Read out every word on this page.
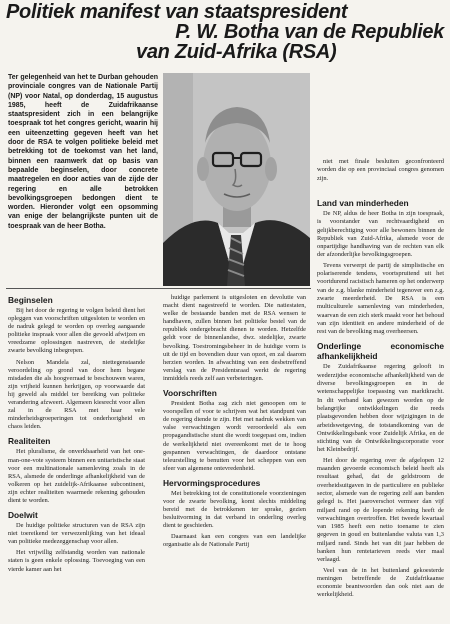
Politiek manifest van staatspresident
P. W. Botha van de Republiek
van Zuid-Afrika (RSA)
Ter gelegenheid van het te Durban gehouden provinciale congres van de Nationale Partij (NP) voor Natal, op donderdag, 15 augustus 1985, heeft de Zuidafrikaanse staatspresident zich in een belangrijke toespraak tot het congres gericht, waarin hij een uiteenzetting gegeven heeft van het door de RSA te volgen politieke beleid met betrekking tot de toekomst van het land, binnen een raamwerk dat op basis van bepaalde beginselen, door concrete maatregelen en door acties van de zijde der regering en alle betrokken bevolkingsgroepen bedongen dient te worden. Hieronder volgt een opsomming van enige der belangrijkste punten uit de toespraak van de heer Botha.

niet met finale besluiten geconfronteerd worden die op een provinciaal congres genomen zijn.

Land van minderheden

De NP, aldus de heer Botha in zijn toespraak, is voorstander van rechtvaardigheid en gelijkberechtiging voor alle bewoners binnen de Republiek van Zuid-Afrika, alsmede voor de onpartijdige handhaving van de rechten van elk der afzonderlijke bevolkingsgroepen.

Tevens verwerpt de partij de simplistische en polariserende tendens, voortspruitend uit het voortdurend racistisch hameren op het onderwerp van de z.g. blanke minderheid tegenover een z.g. zwarte meerderheid. De RSA is een multiculturele samenleving van minderheden, waarvan de een zich sterk maakt voor het behoud van zijn identiteit en andere minderheid of de rest van de bevolking mag overheersen.

Onderlinge economische afhankelijkheid

De Zuidafrikaanse regering gelooft in wederzijdse economische afhankelijkheid van de diverse bevolkingsgroepen en in de wetenschappelijke toepassing van marktkracht. In dit verband kan gewezen worden op de belangrijke ontwikkelingen die reeds plaatsgevonden hebben door wijzigingen in de arbeidswetgeving, de totstandkoming van de Ontwikkelingsbank voor Zuidelijk Afrika, en de stichting van de Ontwikkelingscorporatie voor het Kleinbedrijf.

Het door de regering over de afgelopen 12 maanden gevoerde economisch beleid heeft als resultaat gehad, dat de geldstroom de overheidsuitgaven in de particuliere en publieke sector, alsmede van de regering zelf aan banden gelegd is. Het jaaroverschot vermeer dan vijf miljard rand op de lopende rekening heeft de verwachtingen overtroffen. Het tweede kwartaal van 1985 heeft een netto toename te zien gegeven in goud en buitenlandse valuta van 1,3 miljard rand. Sinds het van dit jaar hebben de banken hun rentetarieven reeds vier maal verlaagd.

Veel van de in het buitenland gekoesterde meningen betreffende de Zuidafrikaanse economie beantwoorden dan ook niet aan de werkelijkheid.

Beginselen

Bij het door de regering te volgen beleid dient het opleggen van voorschriften uitgesloten te worden en de nadruk gelegd te worden op overleg aangaande politieke inspraak voor allen die gevoeld afwijzen en vreedzame oplossingen nastreven, de stedelijke zwarte bevolking inbegrepen.

Nelson Mandela zal, niettegenstaande veroordeling op grond van door hem begane misdaden die als hoogverraad te beschouwen waren, zijn vrijheid kunnen herkrijgen, op voorwaarde dat hij geweld als middel ter bereiking van politieke verandering afzweert. Algemeen kiesrecht voor allen zal in de RSA met haar vele minderheidsgroeperingen tot onderhorigheid en chaos leiden.

Realiteiten

Het pluralisme, de onverkbaarheid van het one-man-one-vote systeem binnen een unitaristische staat voor een multinationale samenleving zoals in de RSA, alsmede de onderlinge afhankelijkheid van de volkeren op het zuidelijk-Afrikaanse subcontinent, zijn echter realiteiten waarmede rekening gehouden dient te worden.

Doelwit

De huidige politieke structuren van de RSA zijn niet toereikend ter verwezenlijking van het ideaal van politieke medezeggenschap voor allen.

Het vrijwillig zelfstandig worden van nationale staten is geen enkele oplossing. Toevoeging van een vierde kamer aan het

huidige parlement is uitgesloten en devolutie van macht dient nagestreefd te worden. Die natiestaten, welke de bestaande banden met de RSA wensen te handhaven, zullen binnen het politieke bestel van de republiek ondergebracht dienen te worden. Hetzelfde geldt voor de binnenlandse, dwz. stedelijke, zwarte bevolking. Toestromingsbeheer in de huidige vorm is uit de tijd en bovendien duur van opzet, en zal daarom herzien worden. In afwachting van een desbetreffend verslag van de Presidentsraad werkt de regering inmiddels reeds zelf aan verbeteringen.

Voorschriften

President Botha zag zich niet genoopen om te voorspellen of voor te schrijven wat het standpunt van de regering diende te zijn. Het met nadruk wekken van valse verwachtingen wordt veroordeeld als een propagandistische stunt die wordt toegepast om, indien de werkelijkheid niet overeenkomt met de te hoog gespannen verwachtingen, de daardoor ontstane teleurstelling te benutten voor het scheppen van een sfeer van algemene ontevredenheid.

Hervormingsprocedures

Met betrekking tot de constitutionele voorzieningen voor de zwarte bevolking, komt slechts middeling bereid met de betrokkenen ter sprake, gezien besluitvorming in dat verband in onderling overleg dient te geschieden.

Daarnaast kan een congres van een landelijke organisatie als de Nationale Partij
